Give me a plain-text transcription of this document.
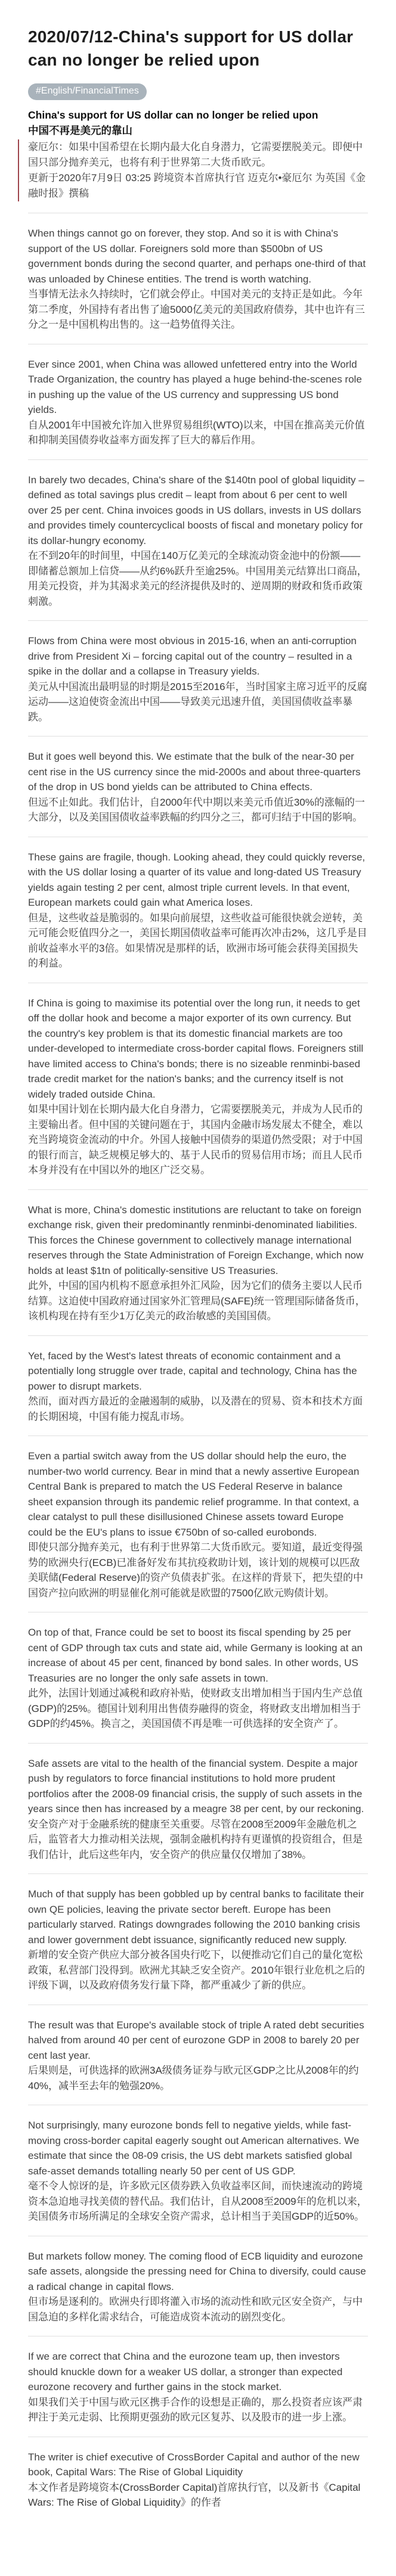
2020/07/12-China's support for US dollar can no longer be relied upon
#English/FinancialTimes

China's support for US dollar can no longer be relied upon

中国不再是美元的靠山

豪厄尔：如果中国希望在长期内最大化自身潜力，它需要摆脱美元。即便中国只部分抛弃美元，也将有利于世界第二大货币欧元。

更新于2020年7月9日 03:25 跨境资本首席执行官 迈克尔•豪厄尔 为英国《金融时报》撰稿

When things cannot go on forever, they stop. And so it is with China's support of the US dollar. Foreigners sold more than $500bn of US government bonds during the second quarter, and perhaps one-third of that was unloaded by Chinese entities. The trend is worth watching.

当事情无法永久持续时，它们就会停止。中国对美元的支持正是如此。今年第二季度，外国持有者出售了逾5000亿美元的美国政府债券，其中也许有三分之一是中国机构出售的。这一趋势值得关注。

Ever since 2001, when China was allowed unfettered entry into the World Trade Organization, the country has played a huge behind-the-scenes role in pushing up the value of the US currency and suppressing US bond yields.

自从2001年中国被允许加入世界贸易组织(WTO)以来，中国在推高美元价值和抑制美国债券收益率方面发挥了巨大的幕后作用。

In barely two decades, China's share of the $140tn pool of global liquidity – defined as total savings plus credit – leapt from about 6 per cent to well over 25 per cent. China invoices goods in US dollars, invests in US dollars and provides timely countercyclical boosts of fiscal and monetary policy for its dollar-hungry economy.

在不到20年的时间里，中国在140万亿美元的全球流动资金池中的份额——即储蓄总额加上信贷——从约6%跃升至逾25%。中国用美元结算出口商品，用美元投资，并为其渴求美元的经济提供及时的、逆周期的财政和货币政策刺激。

Flows from China were most obvious in 2015-16, when an anti-corruption drive from President Xi – forcing capital out of the country – resulted in a spike in the dollar and a collapse in Treasury yields.

美元从中国流出最明显的时期是2015至2016年，当时国家主席习近平的反腐运动——这迫使资金流出中国——导致美元迅速升值，美国国债收益率暴跌。

But it goes well beyond this. We estimate that the bulk of the near-30 per cent rise in the US currency since the mid-2000s and about three-quarters of the drop in US bond yields can be attributed to China effects.

但远不止如此。我们估计，自2000年代中期以来美元币值近30%的涨幅的一大部分，以及美国国债收益率跌幅的约四分之三，都可归结于中国的影响。

These gains are fragile, though. Looking ahead, they could quickly reverse, with the US dollar losing a quarter of its value and long-dated US Treasury yields again testing 2 per cent, almost triple current levels. In that event, European markets could gain what America loses.

但是，这些收益是脆弱的。如果向前展望，这些收益可能很快就会逆转，美元可能会贬值四分之一，美国长期国债收益率可能再次冲击2%，这几乎是目前收益率水平的3倍。如果情况是那样的话，欧洲市场可能会获得美国损失的利益。

If China is going to maximise its potential over the long run, it needs to get off the dollar hook and become a major exporter of its own currency. But the country's key problem is that its domestic financial markets are too under-developed to intermediate cross-border capital flows. Foreigners still have limited access to China's bonds; there is no sizeable renminbi-based trade credit market for the nation's banks; and the currency itself is not widely traded outside China.

如果中国计划在长期内最大化自身潜力，它需要摆脱美元，并成为人民币的主要输出者。但中国的关键问题在于，其国内金融市场发展太不健全，难以充当跨境资金流动的中介。外国人接触中国债券的渠道仍然受限；对于中国的银行而言，缺乏规模足够大的、基于人民币的贸易信用市场；而且人民币本身并没有在中国以外的地区广泛交易。

What is more, China's domestic institutions are reluctant to take on foreign exchange risk, given their predominantly renminbi-denominated liabilities. This forces the Chinese government to collectively manage international reserves through the State Administration of Foreign Exchange, which now holds at least $1tn of politically-sensitive US Treasuries.

此外，中国的国内机构不愿意承担外汇风险，因为它们的债务主要以人民币结算。这迫使中国政府通过国家外汇管理局(SAFE)统一管理国际储备货币，该机构现在持有至少1万亿美元的政治敏感的美国国债。

Yet, faced by the West's latest threats of economic containment and a potentially long struggle over trade, capital and technology, China has the power to disrupt markets.

然而，面对西方最近的金融遏制的威胁，以及潜在的贸易、资本和技术方面的长期困境，中国有能力搅乱市场。

Even a partial switch away from the US dollar should help the euro, the number-two world currency. Bear in mind that a newly assertive European Central Bank is prepared to match the US Federal Reserve in balance sheet expansion through its pandemic relief programme. In that context, a clear catalyst to pull these disillusioned Chinese assets toward Europe could be the EU's plans to issue €750bn of so-called eurobonds.

即使只部分抛弃美元，也有利于世界第二大货币欧元。要知道，最近变得强势的欧洲央行(ECB)已准备好发布其抗疫救助计划，该计划的规模可以匹敌美联储(Federal Reserve)的资产负债表扩张。在这样的背景下，把失望的中国资产拉向欧洲的明显催化剂可能就是欧盟的7500亿欧元购债计划。

On top of that, France could be set to boost its fiscal spending by 25 per cent of GDP through tax cuts and state aid, while Germany is looking at an increase of about 45 per cent, financed by bond sales. In other words, US Treasuries are no longer the only safe assets in town.

此外，法国计划通过减税和政府补贴，使财政支出增加相当于国内生产总值(GDP)的25%。德国计划利用出售债券融得的资金，将财政支出增加相当于GDP的约45%。换言之，美国国债不再是唯一可供选择的安全资产了。

Safe assets are vital to the health of the financial system. Despite a major push by regulators to force financial institutions to hold more prudent portfolios after the 2008-09 financial crisis, the supply of such assets in the years since then has increased by a meagre 38 per cent, by our reckoning.

安全资产对于金融系统的健康至关重要。尽管在2008至2009年金融危机之后，监管者大力推动相关法规，强制金融机构持有更谨慎的投资组合，但是我们估计，此后这些年内，安全资产的供应量仅仅增加了38%。

Much of that supply has been gobbled up by central banks to facilitate their own QE policies, leaving the private sector bereft. Europe has been particularly starved. Ratings downgrades following the 2010 banking crisis and lower government debt issuance, significantly reduced new supply.

新增的安全资产供应大部分被各国央行吃下，以便推动它们自己的量化宽松政策，私营部门没得到。欧洲尤其缺乏安全资产。2010年银行业危机之后的评级下调，以及政府债务发行量下降，都严重减少了新的供应。

The result was that Europe's available stock of triple A rated debt securities halved from around 40 per cent of eurozone GDP in 2008 to barely 20 per cent last year.

后果则是，可供选择的欧洲3A级债务证券与欧元区GDP之比从2008年的约40%，减半至去年的勉强20%。

Not surprisingly, many eurozone bonds fell to negative yields, while fast-moving cross-border capital eagerly sought out American alternatives. We estimate that since the 08-09 crisis, the US debt markets satisfied global safe-asset demands totalling nearly 50 per cent of US GDP.

毫不令人惊讶的是，许多欧元区债券跌入负收益率区间，而快速流动的跨境资本急迫地寻找美债的替代品。我们估计，自从2008至2009年的危机以来，美国债务市场所满足的全球安全资产需求，总计相当于美国GDP的近50%。

But markets follow money. The coming flood of ECB liquidity and eurozone safe assets, alongside the pressing need for China to diversify, could cause a radical change in capital flows.

但市场是逐利的。欧洲央行即将灌入市场的流动性和欧元区安全资产，与中国急迫的多样化需求结合，可能造成资本流动的剧烈变化。

If we are correct that China and the eurozone team up, then investors should knuckle down for a weaker US dollar, a stronger than expected eurozone recovery and further gains in the stock market.

如果我们关于中国与欧元区携手合作的设想是正确的，那么投资者应该严肃押注于美元走弱、比预期更强劲的欧元区复苏、以及股市的进一步上涨。

The writer is chief executive of CrossBorder Capital and author of the new book, Capital Wars: The Rise of Global Liquidity

本文作者是跨境资本(CrossBorder Capital)首席执行官，以及新书《Capital Wars: The Rise of Global Liquidity》的作者
